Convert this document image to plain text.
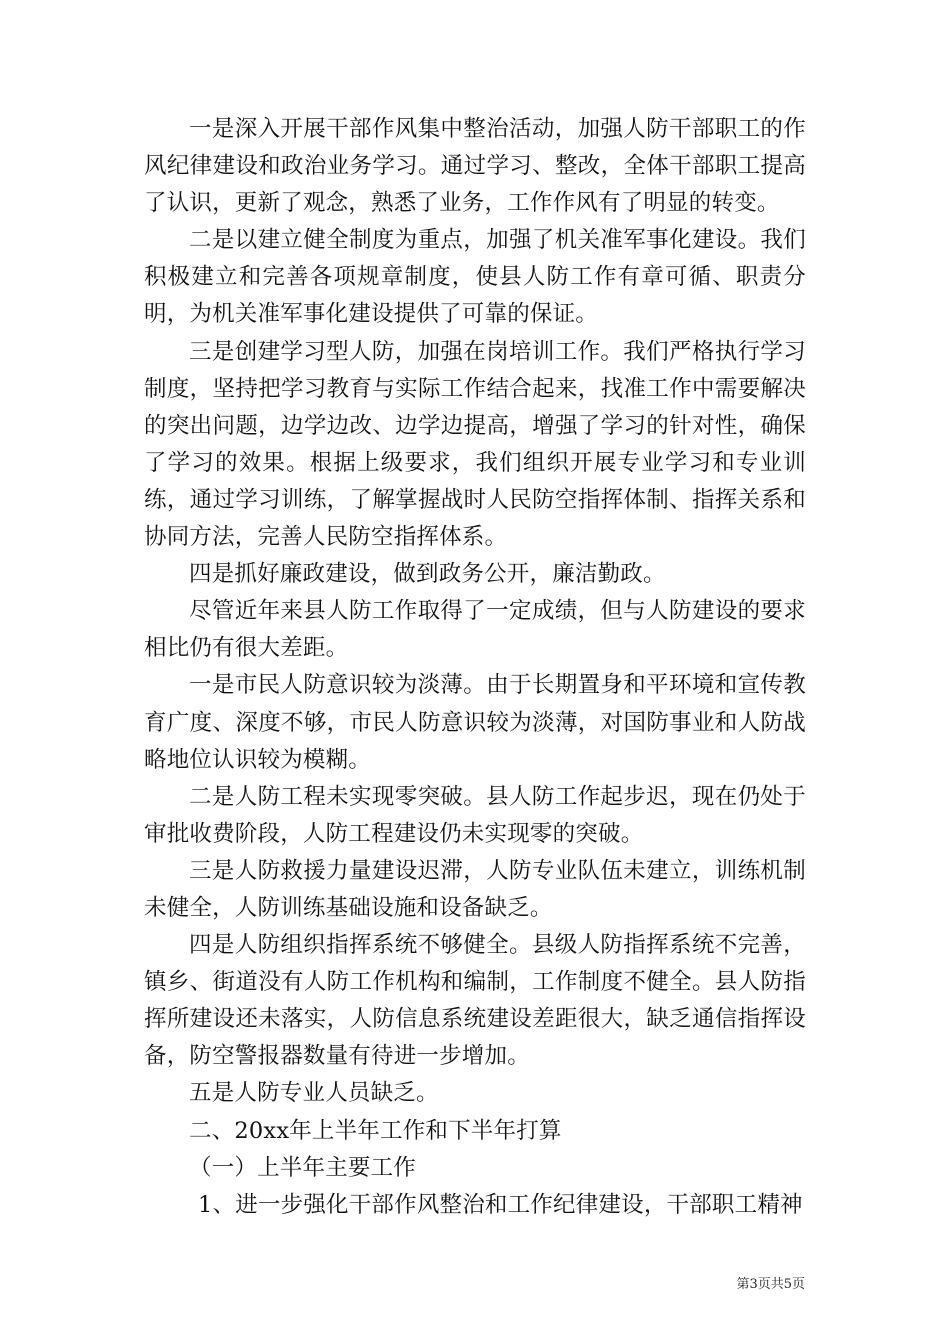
一是深入开展干部作风集中整治活动，加强人防干部职工的作风纪律建设和政治业务学习。通过学习、整改，全体干部职工提高了认识，更新了观念，熟悉了业务，工作作风有了明显的转变。

二是以建立健全制度为重点，加强了机关准军事化建设。我们积极建立和完善各项规章制度，使县人防工作有章可循、职责分明，为机关准军事化建设提供了可靠的保证。

三是创建学习型人防，加强在岗培训工作。我们严格执行学习制度，坚持把学习教育与实际工作结合起来，找准工作中需要解决的突出问题，边学边改、边学边提高，增强了学习的针对性，确保了学习的效果。根据上级要求，我们组织开展专业学习和专业训练，通过学习训练，了解掌握战时人民防空指挥体制、指挥关系和协同方法，完善人民防空指挥体系。

四是抓好廉政建设，做到政务公开，廉洁勤政。

尽管近年来县人防工作取得了一定成绩，但与人防建设的要求相比仍有很大差距。

一是市民人防意识较为淡薄。由于长期置身和平环境和宣传教育广度、深度不够，市民人防意识较为淡薄，对国防事业和人防战略地位认识较为模糊。

二是人防工程未实现零突破。县人防工作起步迟，现在仍处于审批收费阶段，人防工程建设仍未实现零的突破。

三是人防救援力量建设迟滞，人防专业队伍未建立，训练机制未健全，人防训练基础设施和设备缺乏。

四是人防组织指挥系统不够健全。县级人防指挥系统不完善，镇乡、街道没有人防工作机构和编制，工作制度不健全。县人防指挥所建设还未落实，人防信息系统建设差距很大，缺乏通信指挥设备，防空警报器数量有待进一步增加。

五是人防专业人员缺乏。

二、20xx年上半年工作和下半年打算

（一）上半年主要工作

1、进一步强化干部作风整治和工作纪律建设，干部职工精神

第3页共5页
